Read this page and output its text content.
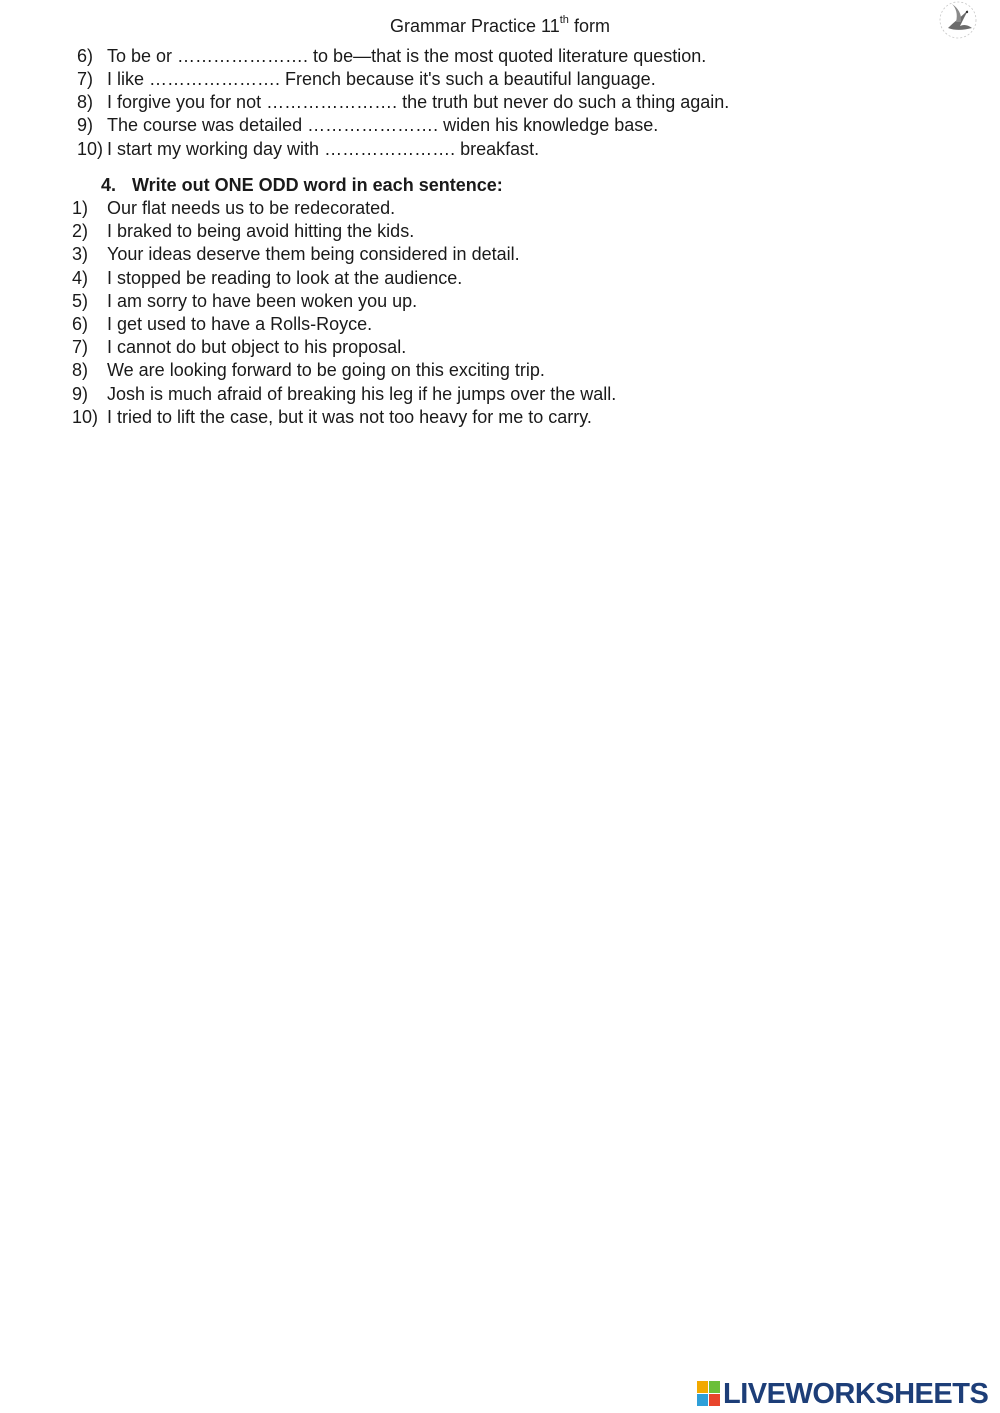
Grammar Practice 11th form
6) To be or …………………. to be—that is the most quoted literature question.
7) I like …………………. French because it's such a beautiful language.
8) I forgive you for not …………………. the truth but never do such a thing again.
9) The course was detailed …………………. widen his knowledge base.
10) I start my working day with …………………. breakfast.
4. Write out ONE ODD word in each sentence:
1) Our flat needs us to be redecorated.
2) I braked to being avoid hitting the kids.
3) Your ideas deserve them being considered in detail.
4) I stopped be reading to look at the audience.
5) I am sorry to have been woken you up.
6) I get used to have a Rolls-Royce.
7) I cannot do but object to his proposal.
8) We are looking forward to be going on this exciting trip.
9) Josh is much afraid of breaking his leg if he jumps over the wall.
10) I tried to lift the case, but it was not too heavy for me to carry.
LIVEWORKSHEETS
